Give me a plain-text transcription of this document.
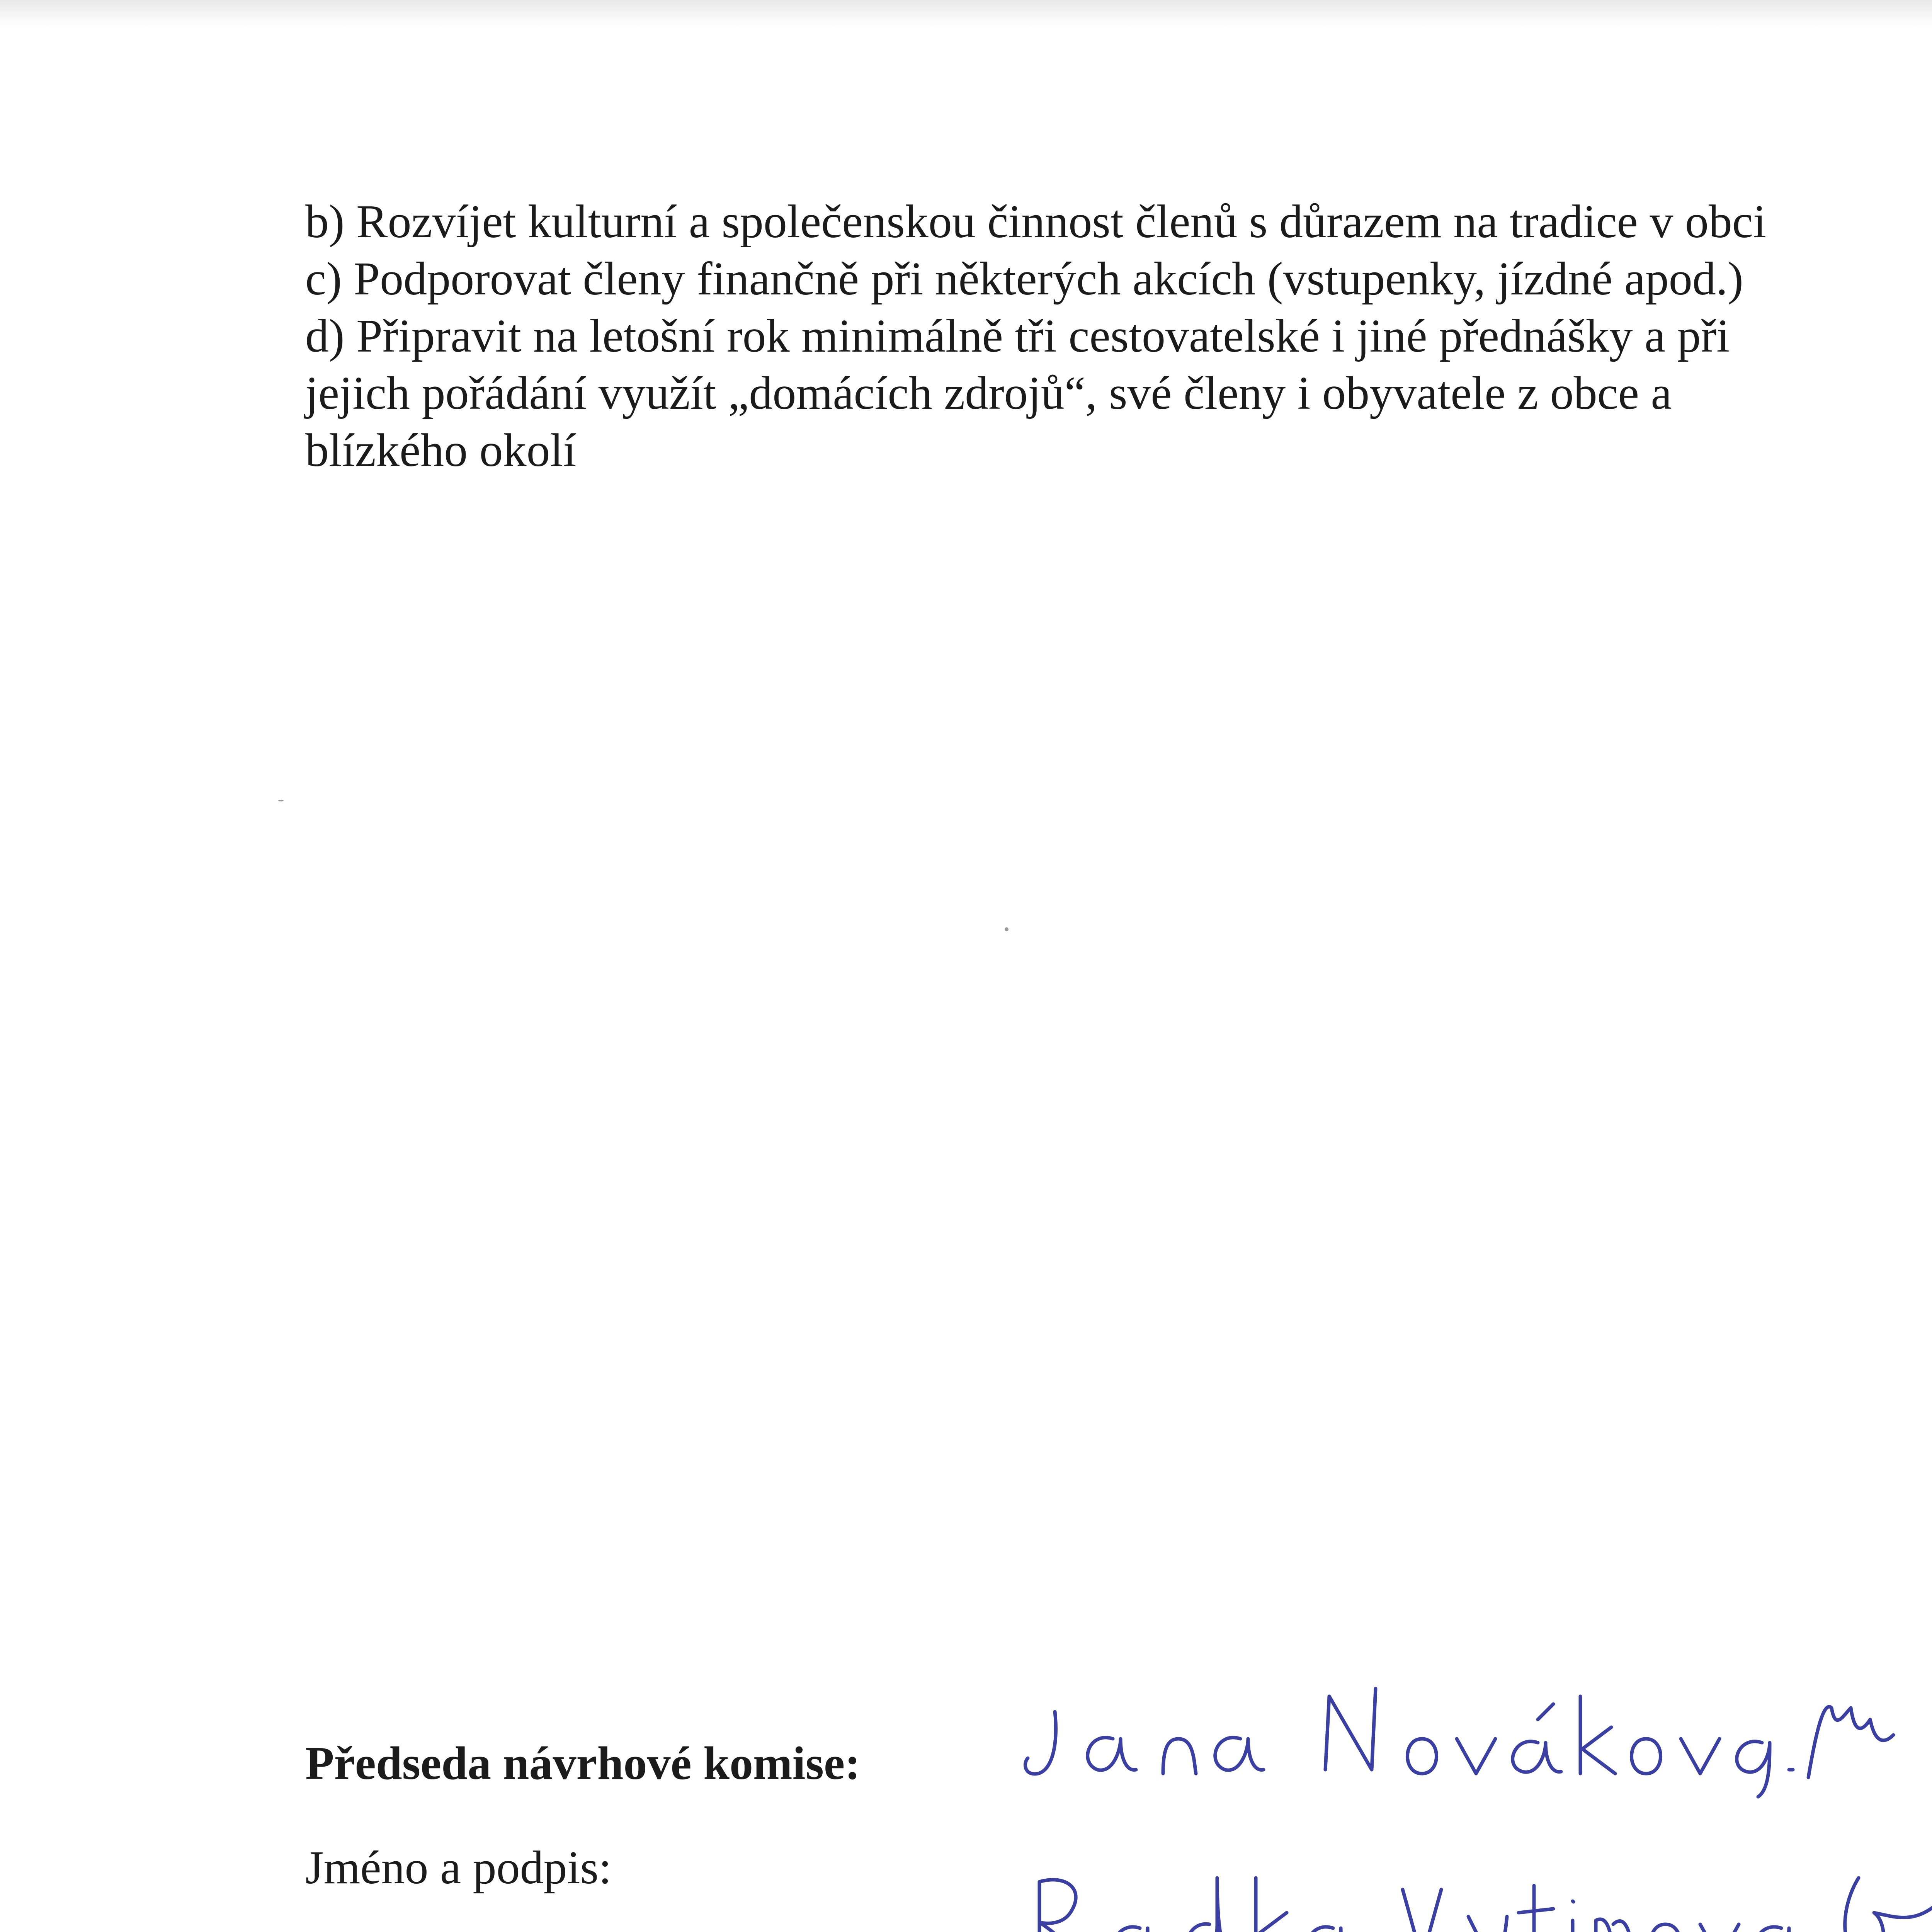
b) Rozvíjet kulturní a společenskou činnost členů s důrazem na tradice v obci

c) Podporovat členy finančně při některých akcích (vstupenky, jízdné apod.)

d) Připravit na letošní rok minimálně tři cestovatelské i jiné přednášky a při jejich pořádání využít „domácích zdrojů“, své členy i obyvatele z obce a blízkého okolí

Předseda návrhové komise:
Jméno a podpis:
